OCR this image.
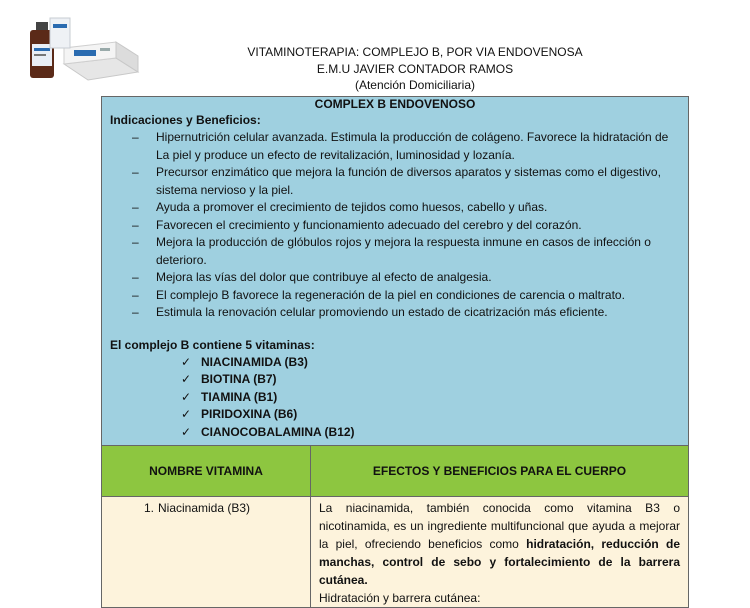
VITAMINOTERAPIA: COMPLEJO B, POR VIA ENDOVENOSA
E.M.U JAVIER CONTADOR RAMOS
(Atención Domiciliaria)
COMPLEX B ENDOVENOSO
Indicaciones y Beneficios:
– Hipernutrición celular avanzada. Estimula la producción de colágeno. Favorece la hidratación de La piel y produce un efecto de revitalización, luminosidad y lozanía.
– Precursor enzimático que mejora la función de diversos aparatos y sistemas como el digestivo, sistema nervioso y la piel.
– Ayuda a promover el crecimiento de tejidos como huesos, cabello y uñas.
– Favorecen el crecimiento y funcionamiento adecuado del cerebro y del corazón.
– Mejora la producción de glóbulos rojos y mejora la respuesta inmune en casos de infección o deterioro.
– Mejora las vías del dolor que contribuye al efecto de analgesia.
– El complejo B favorece la regeneración de la piel en condiciones de carencia o maltrato.
– Estimula la renovación celular promoviendo un estado de cicatrización más eficiente.
El complejo B contiene 5 vitaminas:
✓ NIACINAMIDA (B3)
✓ BIOTINA (B7)
✓ TIAMINA (B1)
✓ PIRIDOXINA (B6)
✓ CIANOCOBALAMINA (B12)
NOMBRE VITAMINA	EFECTOS Y BENEFICIOS PARA EL CUERPO
1. Niacinamida (B3)	La niacinamida, también conocida como vitamina B3 o nicotinamida, es un ingrediente multifuncional que ayuda a mejorar la piel, ofreciendo beneficios como hidratación, reducción de manchas, control de sebo y fortalecimiento de la barrera cutánea.
Hidratación y barrera cutánea:
